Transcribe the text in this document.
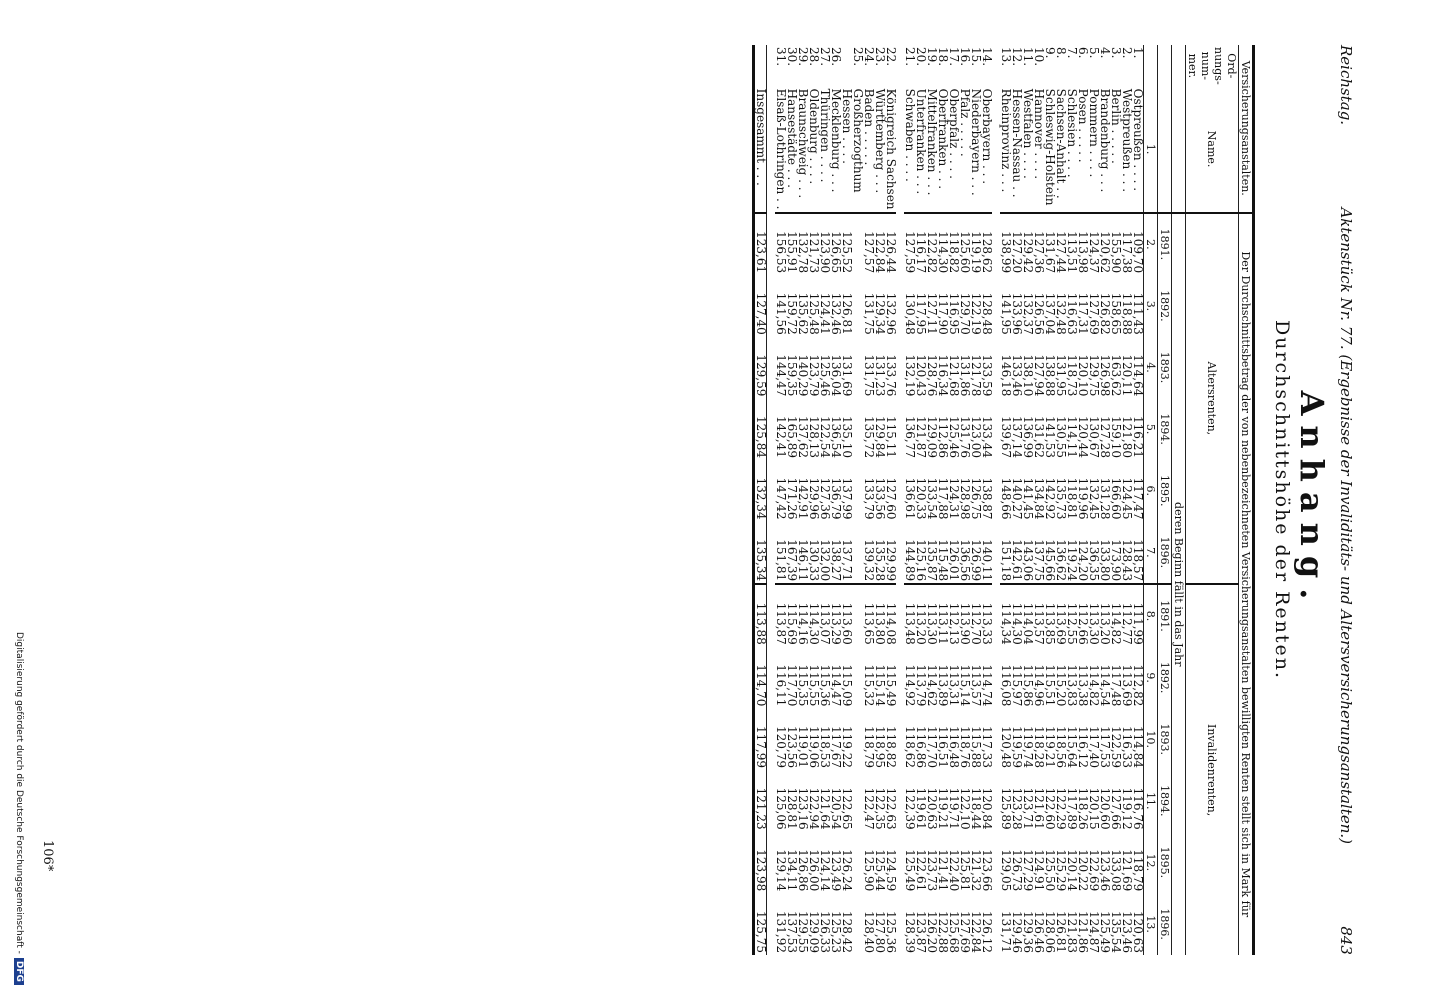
Digitalisierung gefördert durch die Deutsche Forschungsgemeinschaft -DFG
106*
Reichstag.
Aktenstück Nr. 77. (Ergebnisse der Invaliditäts- und Altersversicherungsanstalten.)
843
Anhang.
Durchschnittshöhe der Renten.
Versicherungsanstalten.		Der Durchschnittsbetrag der von nebenbezeichneten Versicherungsanstalten bewilligten Renten stellt sich in Mark für											
Ord-nungs-num-mer.	Name.	Altersrenten,						Invalidenrenten,					
		deren Beginn fällt in das Jahr											
		1891.	1892.	1893.	1894.	1895.	1896.	1891.	1892.	1893.	1894.	1895.	1896.
	1.	2.	3.	4.	5.	6.	7.	8.	9.	10.	11.	12.	13.
1.	Ostpreußen . . . .	109,70	111,43	114,64	116,21	117,47	118,57	111,99	112,82	114,84	116,76	118,79	120,63
2.	Westpreußen . . .	117,38	118,88	120,11	121,80	124,45	128,43	112,77	113,69	116,33	119,12	121,69	123,46
3.	Berlin . . . . .	155,90	158,65	163,62	159,10	166,60	173,90	114,82	117,48	122,59	127,66	133,08	135,54
4.	Brandenburg . . .	120,62	126,82	126,98	127,28	131,28	133,80	113,20	114,54	117,53	120,60	123,46	125,49
5.	Pommern . . . .	124,37	127,69	129,75	130,67	132,45	136,35	113,30	114,82	117,40	120,15	122,69	124,87
6.	Posen . . . . .	113,98	117,31	120,10	120,44	119,96	124,20	112,66	113,38	116,12	118,26	120,22	121,86
7.	Schlesien . . . .	113,51	116,63	118,73	114,11	118,81	119,24	112,55	113,83	115,64	117,89	120,14	121,83
8.	Sachsen-Anhalt . .	127,44	132,48	131,95	130,55	135,73	136,62	113,69	115,20	118,56	122,29	125,29	126,81
9.	Schleswig-Holstein	131,67	137,04	138,88	141,53	142,92	145,66	113,85	115,51	119,21	122,60	125,50	128,06
10.	Hannover . . . .	127,36	126,56	127,94	131,62	134,84	137,75	113,57	114,96	118,28	121,61	124,91	126,46
11.	Westfalen . . . .	129,42	132,37	138,10	136,99	141,45	143,06	114,04	115,86	119,74	123,71	127,29	129,36
12.	Hessen-Nassau . .	127,20	133,96	133,46	137,14	140,27	142,61	114,30	115,97	119,59	123,28	126,73	129,46
13.	Rheinprovinz . . .	138,99	141,95	146,18	139,67	148,66	151,18	114,34	116,08	120,48	125,89	129,05	131,71

14.	Oberbayern . . .	128,62	128,48	133,59	133,44	138,87	140,11	113,33	114,74	117,33	120,84	123,66	126,12
15.	Niederbayern . . .	119,19	122,19	121,78	123,00	126,75	126,99	112,70	113,57	115,88	118,44	121,32	122,84
16.	Pfalz . . . . .	125,60	129,70	131,86	131,76	128,98	136,56	113,90	115,14	118,76	122,10	125,81	127,69
17.	Oberpfalz . . . .	118,82	116,95	121,68	125,46	124,31	126,01	112,13	113,31	116,48	119,71	122,40	125,68
18.	Oberfranken . . .	114,30	117,90	116,34	112,86	117,88	115,48	113,11	113,89	116,51	119,21	121,41	122,88
19.	Mittelfranken . . .	122,82	127,11	128,76	129,09	133,54	135,87	113,30	114,62	117,70	120,63	123,73	126,20
20.	Unterfranken . . .	116,17	117,95	120,43	121,87	120,33	125,16	113,20	113,79	116,86	119,61	122,61	123,87
21.	Schwaben . . . .	127,59	130,48	132,19	136,77	136,61	144,89	113,48	114,92	118,62	122,39	125,49	128,39

22.	Königreich Sachsen	126,44	132,96	133,76	115,11	127,60	129,99	114,08	115,49	118,82	122,63	124,59	125,36
23.	Württemberg . . .	122,84	129,34	131,23	129,84	133,56	135,28	113,80	115,14	118,95	122,35	125,44	127,80
24.	Baden . . . . .	127,57	131,75	131,75	135,72	133,79	139,32	113,65	115,32	118,79	122,47	125,90	128,40
25.	Großherzogthum												
	Hessen . . . .	125,52	126,81	131,69	135,10	137,99	137,71	113,60	115,09	119,22	122,65	126,24	128,42
26.	Mecklenburg . . .	126,65	132,46	136,04	136,54	136,79	138,27	113,29	114,47	117,67	120,54	123,49	125,23
27.	Thüringen . . . .	123,90	124,41	125,46	122,54	127,36	132,00	113,07	115,36	118,53	121,64	124,14	126,33
28.	Oldenburg . . . .	121,73	125,48	123,79	128,13	129,96	130,33	114,30	115,55	119,06	122,94	126,00	129,09
29.	Braunschweig . . .	132,78	135,62	140,29	137,62	142,91	146,11	114,16	115,35	119,01	123,16	126,86	129,55
30.	Hansestädte . . .	155,91	159,72	159,35	165,89	171,26	167,39	115,69	117,70	123,56	128,81	134,11	137,53
31.	Elsaß-Lothringen . .	156,53	141,56	144,47	142,41	147,42	151,81	113,87	116,11	120,79	125,06	129,14	131,92

	Insgesammt . . .	123,61	127,40	129,59	125,84	132,34	135,34	113,88	114,70	117,99	121,23	123,98	125,75
